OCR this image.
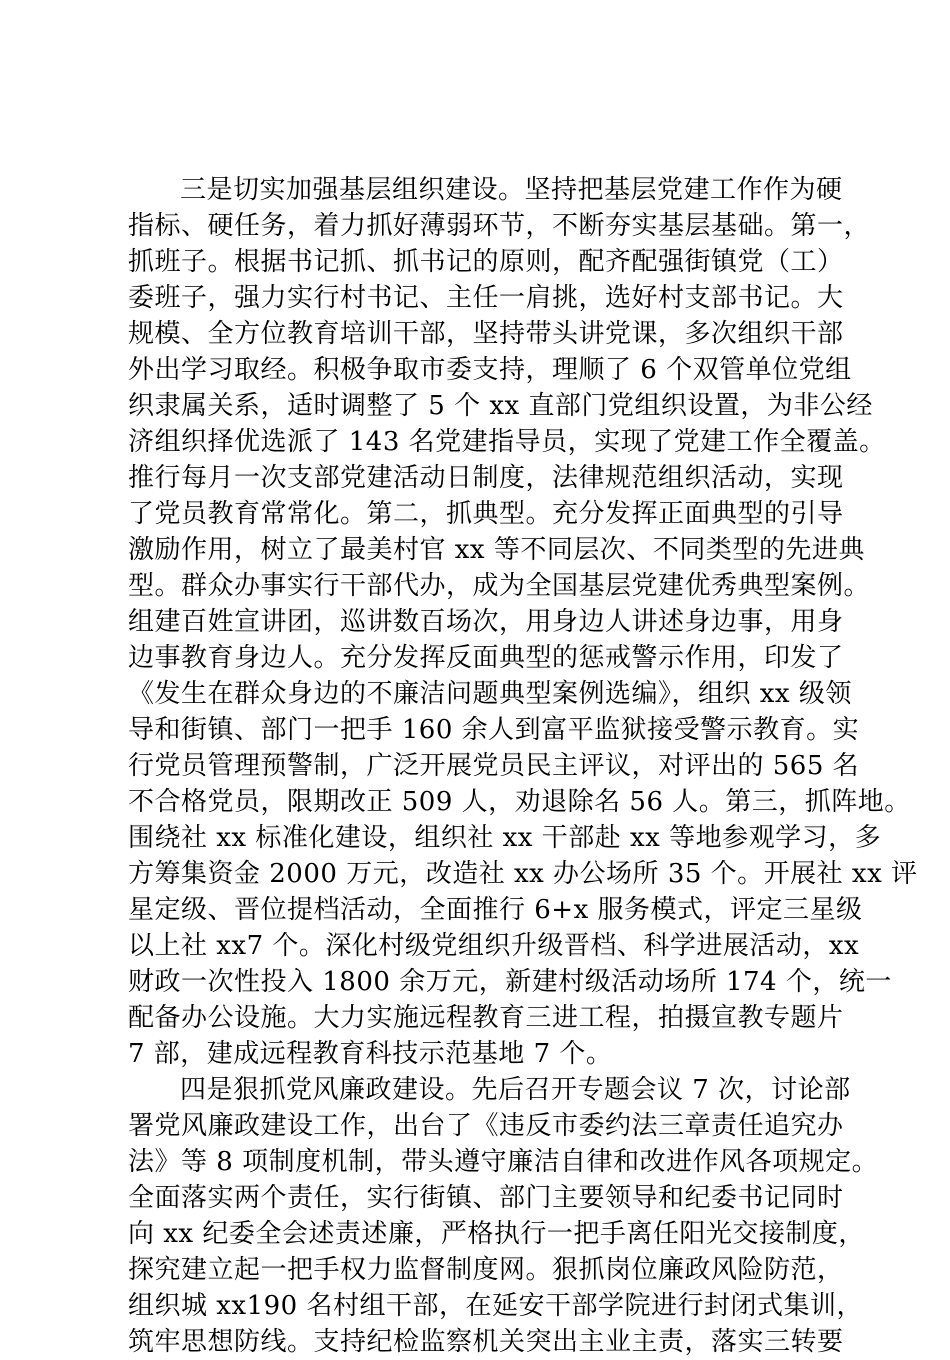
三是切实加强基层组织建设。坚持把基层党建工作作为硬
指标、硬任务，着力抓好薄弱环节，不断夯实基层基础。第一，
抓班子。根据书记抓、抓书记的原则，配齐配强街镇党（工）
委班子，强力实行村书记、主任一肩挑，选好村支部书记。大
规模、全方位教育培训干部，坚持带头讲党课，多次组织干部
外出学习取经。积极争取市委支持，理顺了 6 个双管单位党组
织隶属关系，适时调整了 5 个 xx 直部门党组织设置，为非公经
济组织择优选派了 143 名党建指导员，实现了党建工作全覆盖。
推行每月一次支部党建活动日制度，法律规范组织活动，实现
了党员教育常常化。第二，抓典型。充分发挥正面典型的引导
激励作用，树立了最美村官 xx 等不同层次、不同类型的先进典
型。群众办事实行干部代办，成为全国基层党建优秀典型案例。
组建百姓宣讲团，巡讲数百场次，用身边人讲述身边事，用身
边事教育身边人。充分发挥反面典型的惩戒警示作用，印发了
《发生在群众身边的不廉洁问题典型案例选编》，组织 xx 级领
导和街镇、部门一把手 160 余人到富平监狱接受警示教育。实
行党员管理预警制，广泛开展党员民主评议，对评出的 565 名
不合格党员，限期改正 509 人，劝退除名 56 人。第三，抓阵地。
围绕社 xx 标准化建设，组织社 xx 干部赴 xx 等地参观学习，多
方筹集资金 2000 万元，改造社 xx 办公场所 35 个。开展社 xx 评
星定级、晋位提档活动，全面推行 6+x 服务模式，评定三星级
以上社 xx7 个。深化村级党组织升级晋档、科学进展活动，xx
财政一次性投入 1800 余万元，新建村级活动场所 174 个，统一
配备办公设施。大力实施远程教育三进工程，拍摄宣教专题片
7 部，建成远程教育科技示范基地 7 个。
四是狠抓党风廉政建设。先后召开专题会议 7 次，讨论部
署党风廉政建设工作，出台了《违反市委约法三章责任追究办
法》等 8 项制度机制，带头遵守廉洁自律和改进作风各项规定。
全面落实两个责任，实行街镇、部门主要领导和纪委书记同时
向 xx 纪委全会述责述廉，严格执行一把手离任阳光交接制度，
探究建立起一把手权力监督制度网。狠抓岗位廉政风险防范，
组织城 xx190 名村组干部，在延安干部学院进行封闭式集训，
筑牢思想防线。支持纪检监察机关突出主业主责，落实三转要
